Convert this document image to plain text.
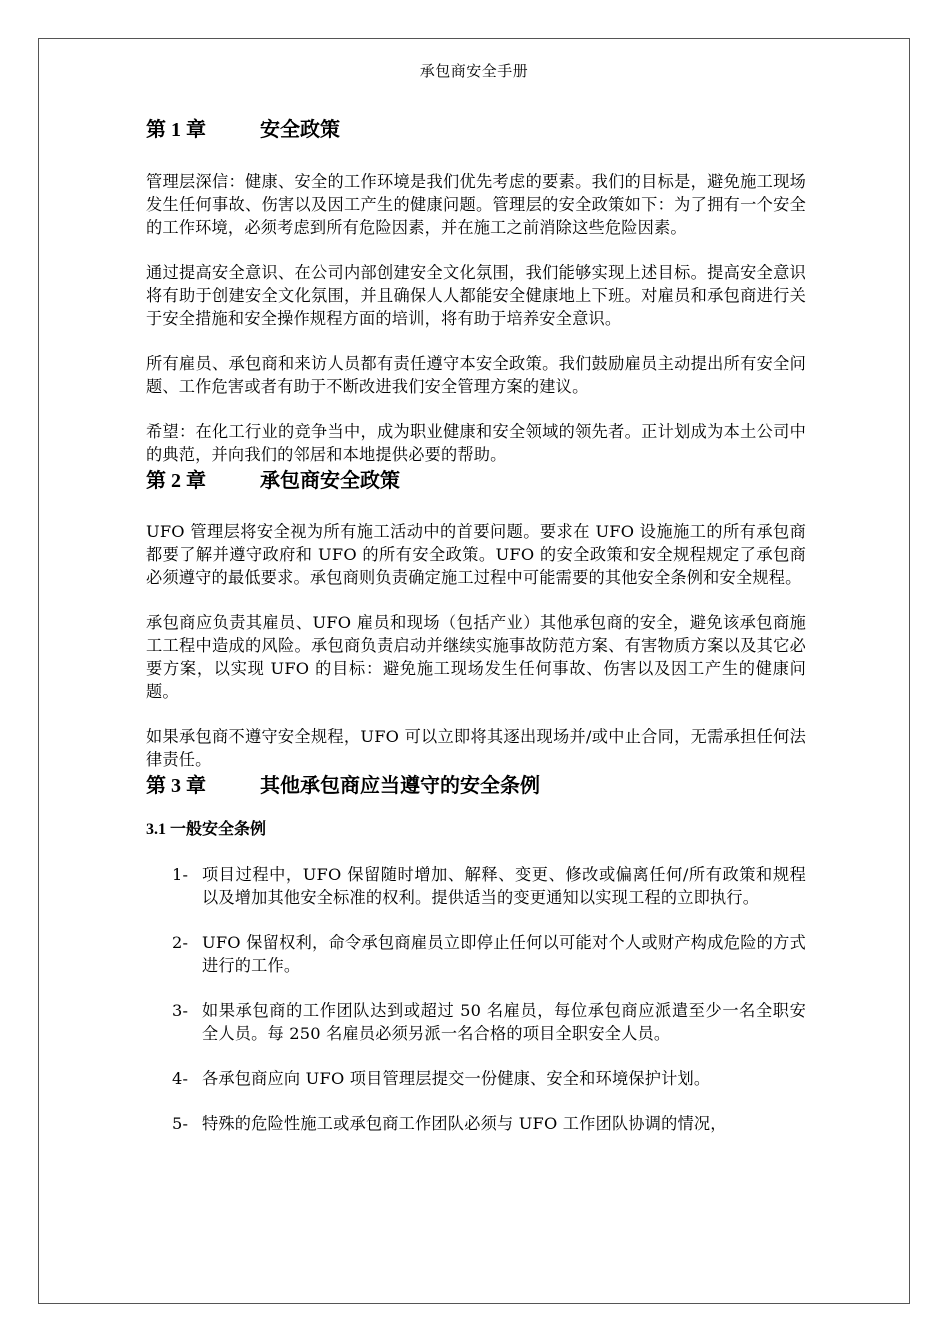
承包商安全手册
第 1 章	安全政策

管理层深信：健康、安全的工作环境是我们优先考虑的要素。我们的目标是，避免施工现场发生任何事故、伤害以及因工产生的健康问题。管理层的安全政策如下：为了拥有一个安全的工作环境，必须考虑到所有危险因素，并在施工之前消除这些危险因素。

通过提高安全意识、在公司内部创建安全文化氛围，我们能够实现上述目标。提高安全意识将有助于创建安全文化氛围，并且确保人人都能安全健康地上下班。对雇员和承包商进行关于安全措施和安全操作规程方面的培训，将有助于培养安全意识。

所有雇员、承包商和来访人员都有责任遵守本安全政策。我们鼓励雇员主动提出所有安全问题、工作危害或者有助于不断改进我们安全管理方案的建议。

希望：在化工行业的竞争当中，成为职业健康和安全领域的领先者。正计划成为本土公司中的典范，并向我们的邻居和本地提供必要的帮助。

第 2 章	承包商安全政策

UFO 管理层将安全视为所有施工活动中的首要问题。要求在 UFO 设施施工的所有承包商都要了解并遵守政府和 UFO 的所有安全政策。UFO 的安全政策和安全规程规定了承包商必须遵守的最低要求。承包商则负责确定施工过程中可能需要的其他安全条例和安全规程。

承包商应负责其雇员、UFO 雇员和现场（包括产业）其他承包商的安全，避免该承包商施工工程中造成的风险。承包商负责启动并继续实施事故防范方案、有害物质方案以及其它必要方案，以实现 UFO 的目标：避免施工现场发生任何事故、伤害以及因工产生的健康问题。

如果承包商不遵守安全规程，UFO 可以立即将其逐出现场并/或中止合同，无需承担任何法律责任。

第 3 章	其他承包商应当遵守的安全条例
3.1 一般安全条例
1- 项目过程中，UFO 保留随时增加、解释、变更、修改或偏离任何/所有政策和规程以及增加其他安全标准的权利。提供适当的变更通知以实现工程的立即执行。
2- UFO 保留权利，命令承包商雇员立即停止任何以可能对个人或财产构成危险的方式进行的工作。
3- 如果承包商的工作团队达到或超过 50 名雇员，每位承包商应派遣至少一名全职安全人员。每 250 名雇员必须另派一名合格的项目全职安全人员。
4- 各承包商应向 UFO 项目管理层提交一份健康、安全和环境保护计划。
5- 特殊的危险性施工或承包商工作团队必须与 UFO 工作团队协调的情况，
